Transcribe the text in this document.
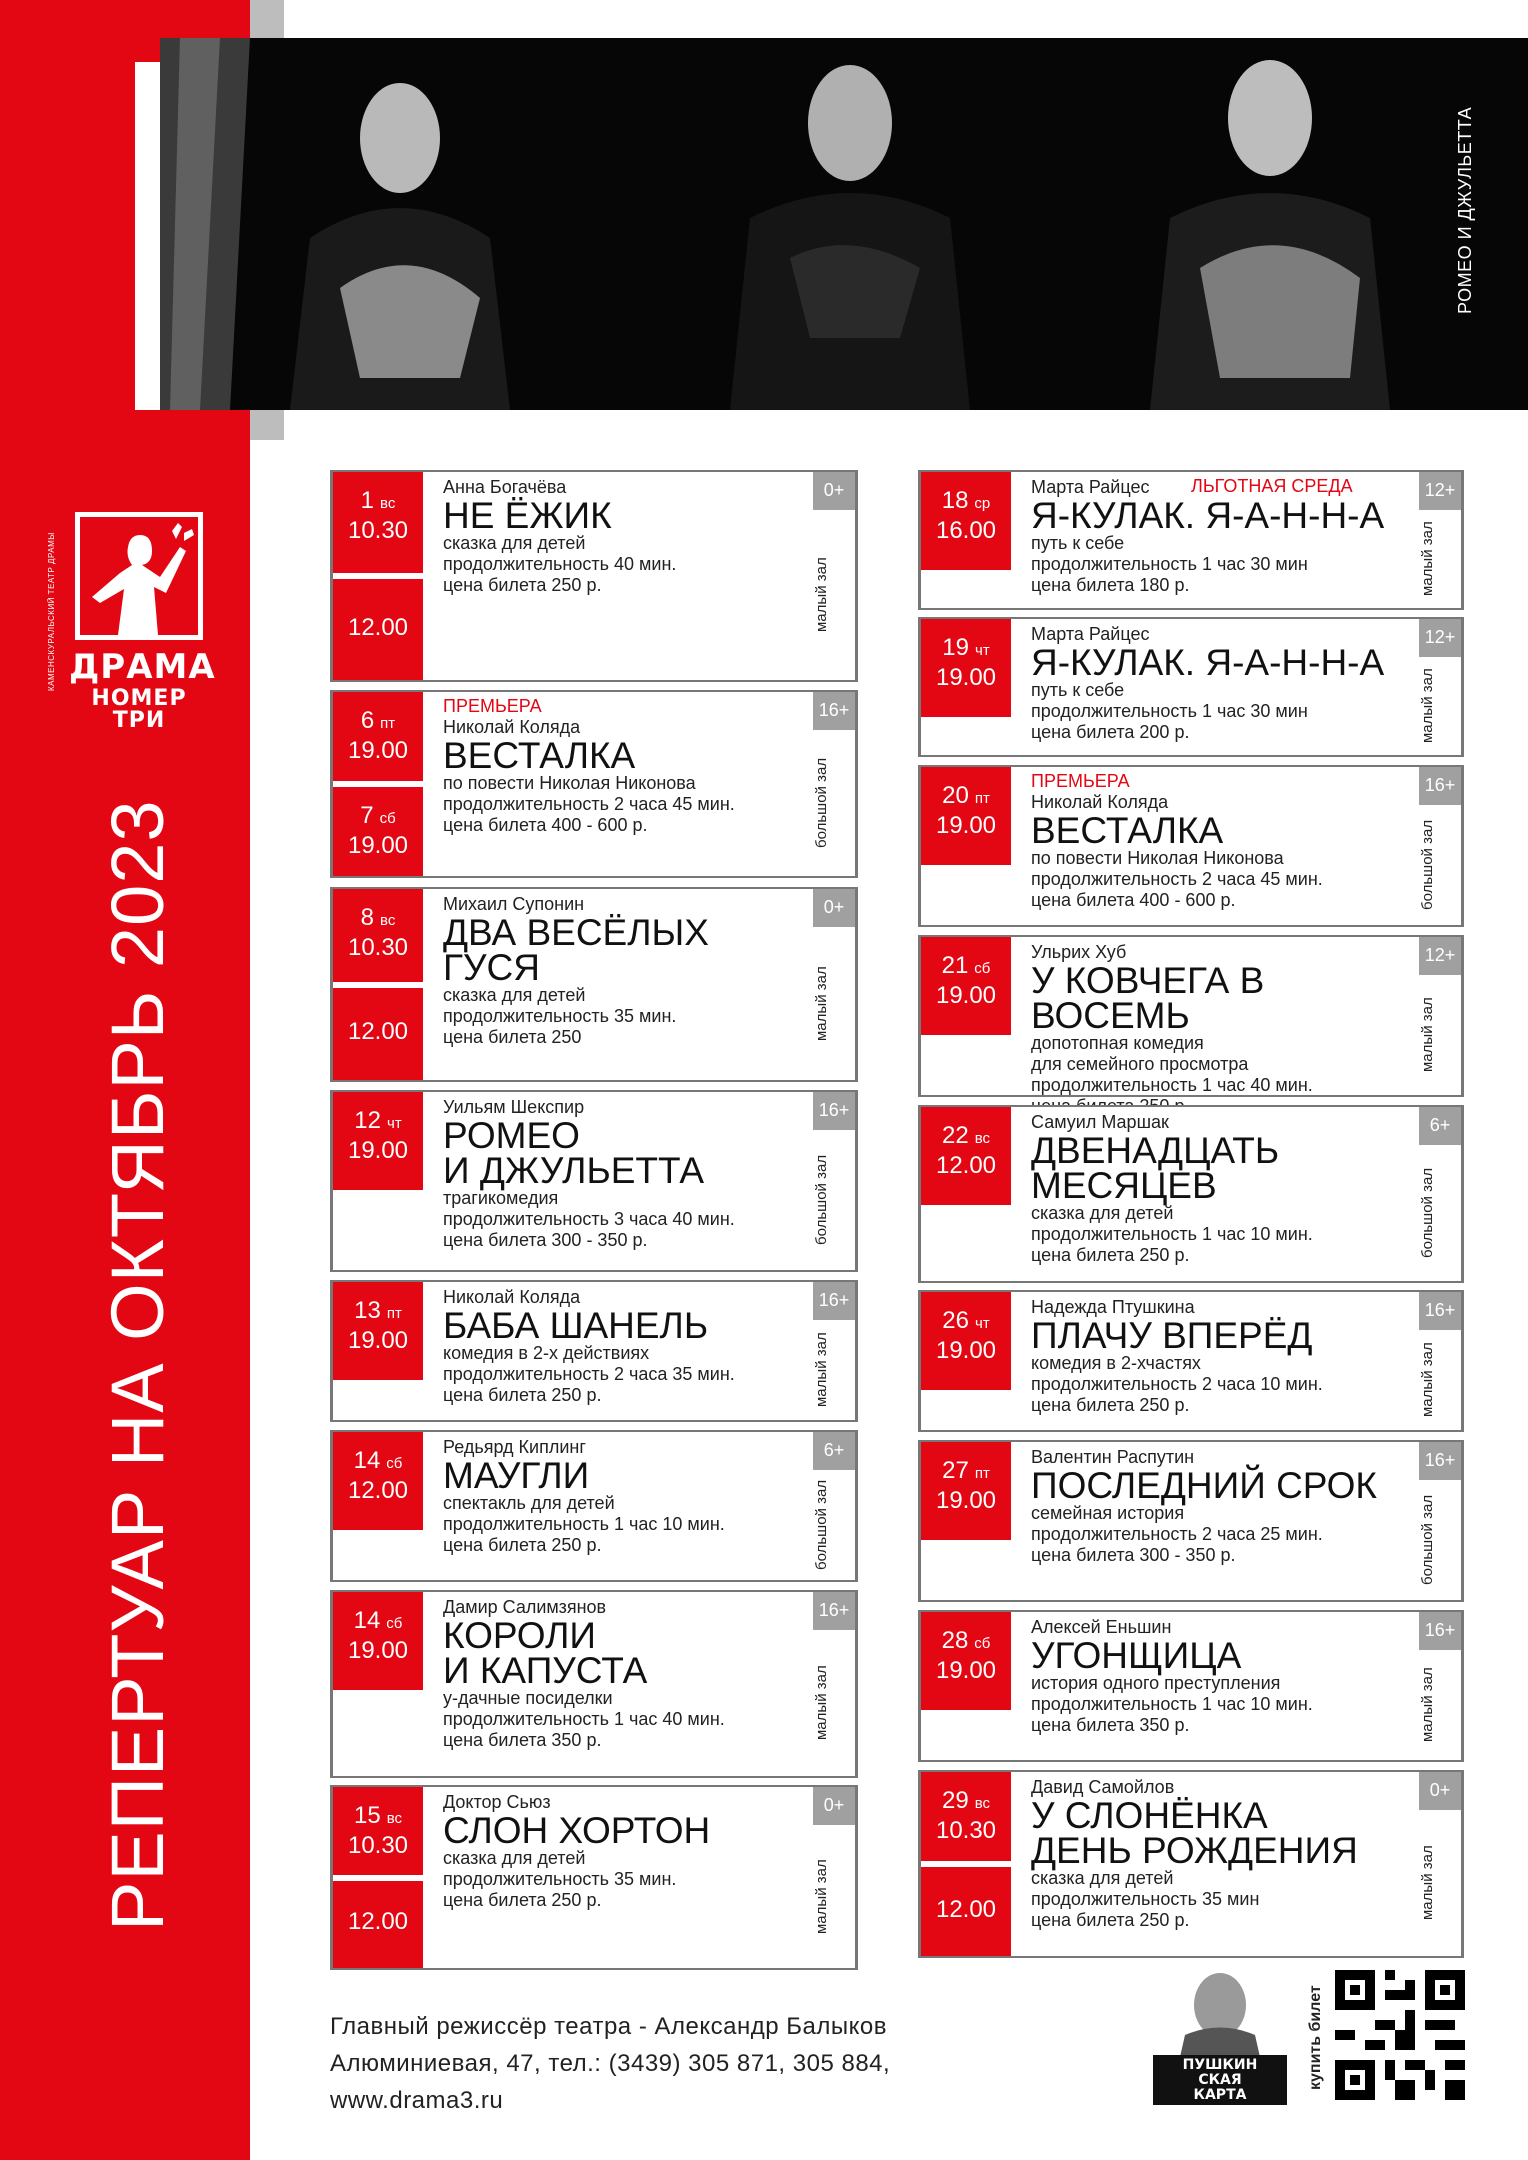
РОМЕО И ДЖУЛЬЕТТА
КАМЕНСКУРАЛЬСКИЙ ТЕАТР ДРАМЫ ДРАМА
НОМЕР ТРИ
РЕПЕРТУАР НА ОКТЯБРЬ 2023
1 вс
10.30
12.00
Анна Богачёва
НЕ ЁЖИК
сказка для детей
продолжительность 40 мин.
цена билета 250 р.
0+
малый зал
6 пт
19.00
7 сб
19.00
ПРЕМЬЕРА
Николай Коляда
ВЕСТАЛКА
по повести Николая Никонова
продолжительность 2 часа 45 мин.
цена билета 400 - 600 р.
16+
большой зал
8 вс
10.30
12.00
Михаил Супонин
ДВА ВЕСЁЛЫХ
ГУСЯ
сказка для детей
продолжительность 35 мин.
цена билета 250
0+
малый зал
12 чт
19.00
Уильям Шекспир
РОМЕО
И ДЖУЛЬЕТТА
трагикомедия
продолжительность 3 часа 40 мин.
цена билета 300 - 350 р.
16+
большой зал
13 пт
19.00
Николай Коляда
БАБА ШАНЕЛЬ
комедия в 2-х действиях
продолжительность 2 часа 35 мин.
цена билета 250 р.
16+
малый зал
14 сб
12.00
Редьярд Киплинг
МАУГЛИ
спектакль для детей
продолжительность 1 час 10 мин.
цена билета 250 р.
6+
большой зал
14 сб
19.00
Дамир Салимзянов
КОРОЛИ
И КАПУСТА
у-дачные посиделки
продолжительность 1 час 40 мин.
цена билета 350 р.
16+
малый зал
15 вс
10.30
12.00
Доктор Сьюз
СЛОН ХОРТОН
сказка для детей
продолжительность 35 мин.
цена билета 250 р.
0+
малый зал
18 ср
16.00
Марта Райцес
Я-КУЛАК. Я-А-Н-Н-А
путь к себе
продолжительность 1 час 30 мин
цена билета 180 р.
ЛЬГОТНАЯ СРЕДА	12+
малый зал
19 чт
19.00
Марта Райцес
Я-КУЛАК. Я-А-Н-Н-А
путь к себе
продолжительность 1 час 30 мин
цена билета 200 р.
12+
малый зал
20 пт
19.00
ПРЕМЬЕРА
Николай Коляда
ВЕСТАЛКА
по повести Николая Никонова
продолжительность 2 часа 45 мин.
цена билета 400 - 600 р.
16+
большой зал
21 сб
19.00
Ульрих Хуб
У КОВЧЕГА В ВОСЕМЬ
допотопная комедия
для семейного просмотра
продолжительность 1 час 40 мин.
12+
малый зал
22 вс
12.00
Самуил Маршак
ДВЕНАДЦАТЬ
МЕСЯЦЕВ
сказка для детей
продолжительность 1 час 10 мин.
цена билета 250 р.
6+
большой зал
26 чт
19.00
Надежда Птушкина
ПЛАЧУ ВПЕРЁД
комедия в 2-хчастях
продолжительность 2 часа 10 мин.
цена билета 250 р.
16+
малый зал
27 пт
19.00
Валентин Распутин
ПОСЛЕДНИЙ СРОК
семейная история
продолжительность 2 часа 25 мин.
цена билета 300 - 350 р.
16+
большой зал
28 сб
19.00
Алексей Еньшин
УГОНЩИЦА
история одного преступления
продолжительность 1 час 10 мин.
цена билета 350 р.
16+
малый зал
29 вс
10.30
12.00
Давид Самойлов
У СЛОНЁНКА
ДЕНЬ РОЖДЕНИЯ
сказка для детей
продолжительность 35 мин
цена билета 250 р.
0+
малый зал
Главный режиссёр театра - Александр Балыков
Алюминиевая, 47, тел.: (3439) 305 871, 305 884,
www.drama3.ru
ПУШКИН
СКАЯ
КАРТА
купить билет
